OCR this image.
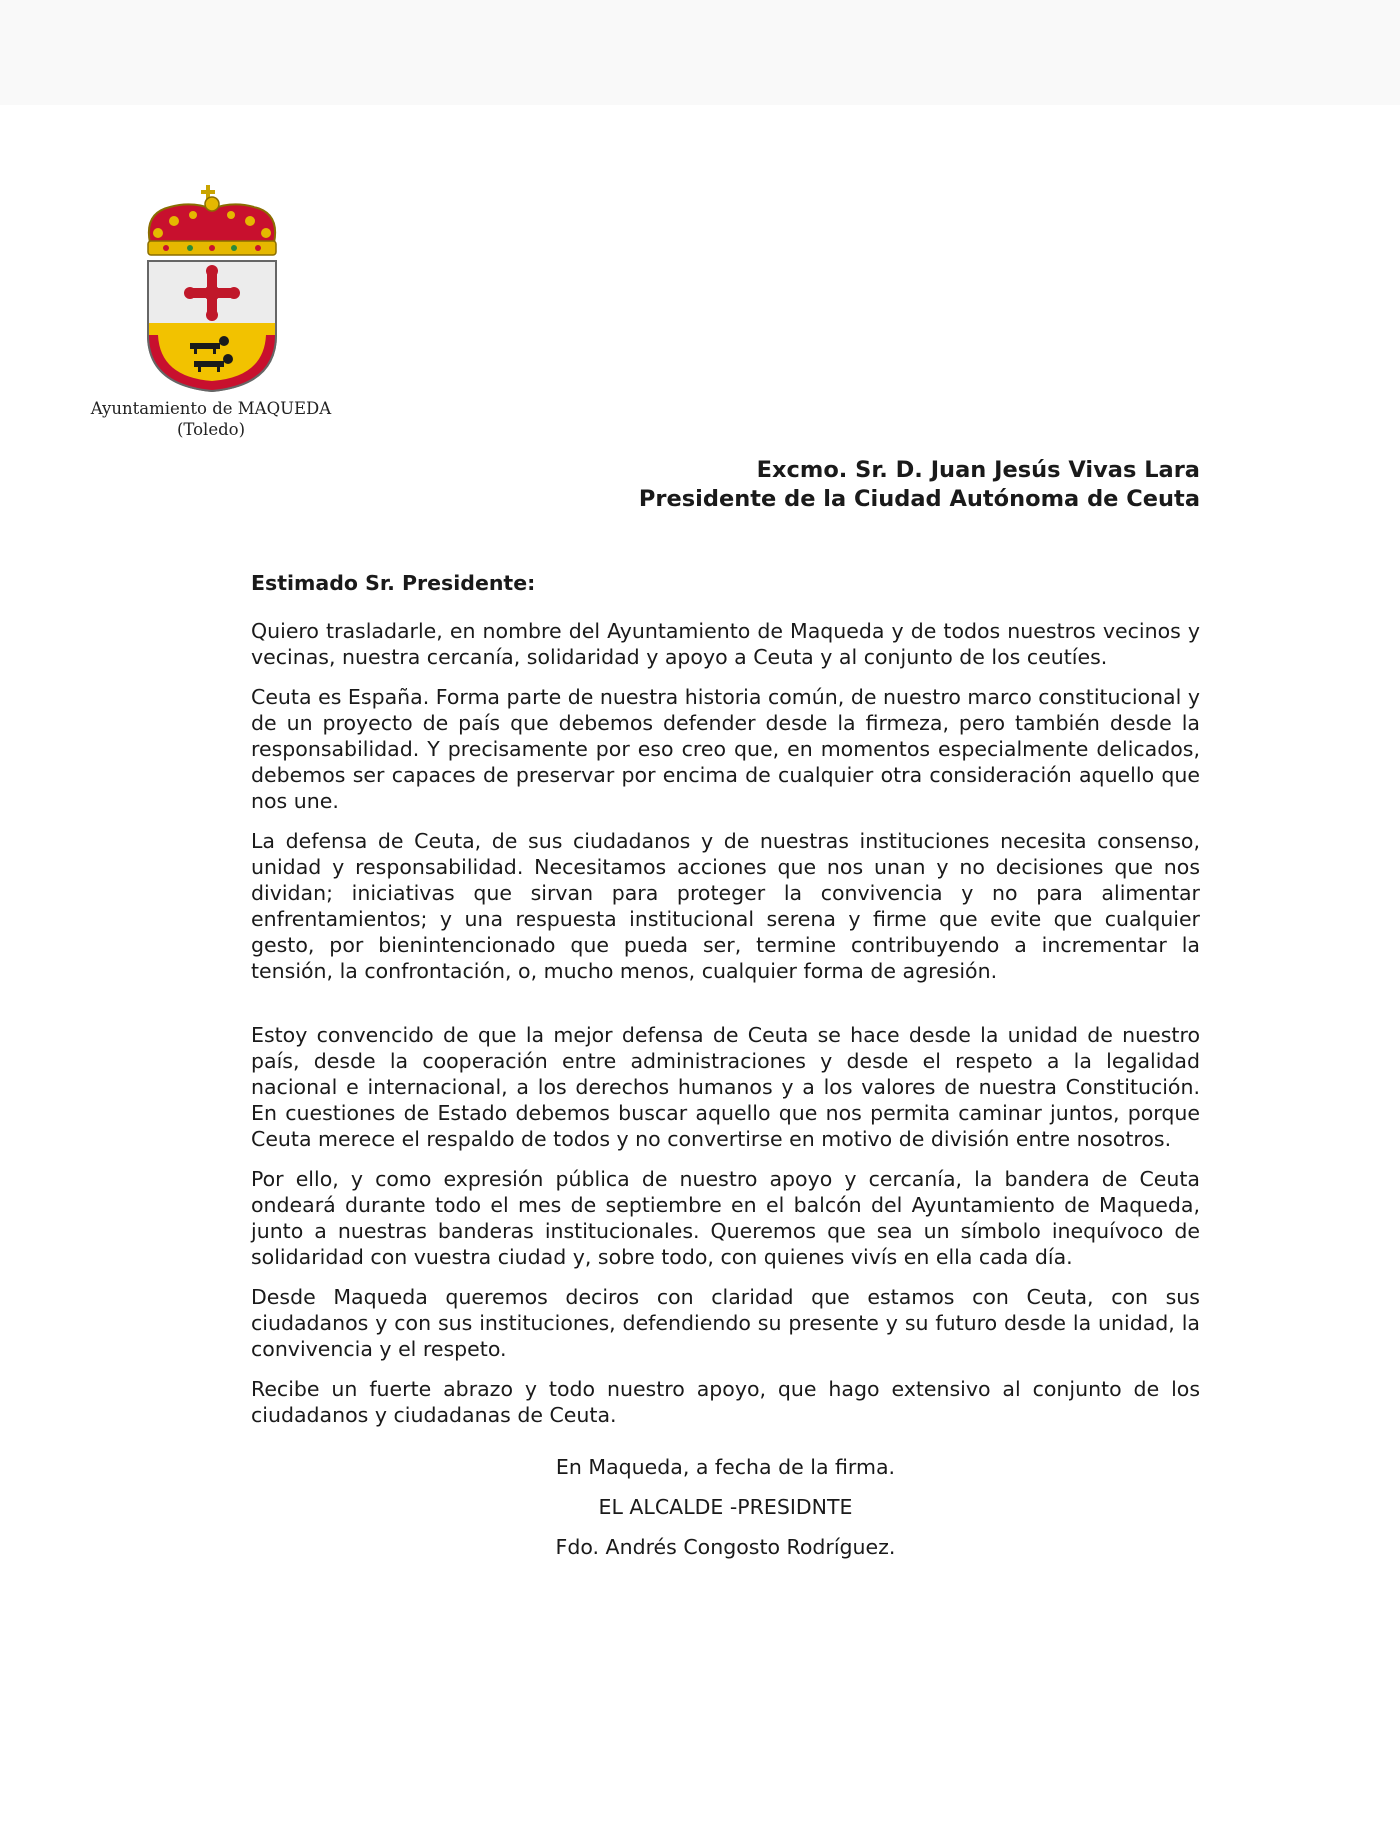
Ayuntamiento de MAQUEDA
(Toledo)
Excmo. Sr. D. Juan Jesús Vivas Lara
Presidente de la Ciudad Autónoma de Ceuta
Estimado Sr. Presidente:
Quiero trasladarle, en nombre del Ayuntamiento de Maqueda y de todos nuestros vecinos y vecinas, nuestra cercanía, solidaridad y apoyo a Ceuta y al conjunto de los ceutíes.
Ceuta es España. Forma parte de nuestra historia común, de nuestro marco constitucional y de un proyecto de país que debemos defender desde la firmeza, pero también desde la responsabilidad. Y precisamente por eso creo que, en momentos especialmente delicados, debemos ser capaces de preservar por encima de cualquier otra consideración aquello que nos une.
La defensa de Ceuta, de sus ciudadanos y de nuestras instituciones necesita consenso, unidad y responsabilidad. Necesitamos acciones que nos unan y no decisiones que nos dividan; iniciativas que sirvan para proteger la convivencia y no para alimentar enfrentamientos; y una respuesta institucional serena y firme que evite que cualquier gesto, por bienintencionado que pueda ser, termine contribuyendo a incrementar la tensión, la confrontación, o, mucho menos, cualquier forma de agresión.
Estoy convencido de que la mejor defensa de Ceuta se hace desde la unidad de nuestro país, desde la cooperación entre administraciones y desde el respeto a la legalidad nacional e internacional, a los derechos humanos y a los valores de nuestra Constitución. En cuestiones de Estado debemos buscar aquello que nos permita caminar juntos, porque Ceuta merece el respaldo de todos y no convertirse en motivo de división entre nosotros.
Por ello, y como expresión pública de nuestro apoyo y cercanía, la bandera de Ceuta ondeará durante todo el mes de septiembre en el balcón del Ayuntamiento de Maqueda, junto a nuestras banderas institucionales. Queremos que sea un símbolo inequívoco de solidaridad con vuestra ciudad y, sobre todo, con quienes vivís en ella cada día.
Desde Maqueda queremos deciros con claridad que estamos con Ceuta, con sus ciudadanos y con sus instituciones, defendiendo su presente y su futuro desde la unidad, la convivencia y el respeto.
Recibe un fuerte abrazo y todo nuestro apoyo, que hago extensivo al conjunto de los ciudadanos y ciudadanas de Ceuta.
En Maqueda, a fecha de la firma.
EL ALCALDE -PRESIDNTE
Fdo. Andrés Congosto Rodríguez.
